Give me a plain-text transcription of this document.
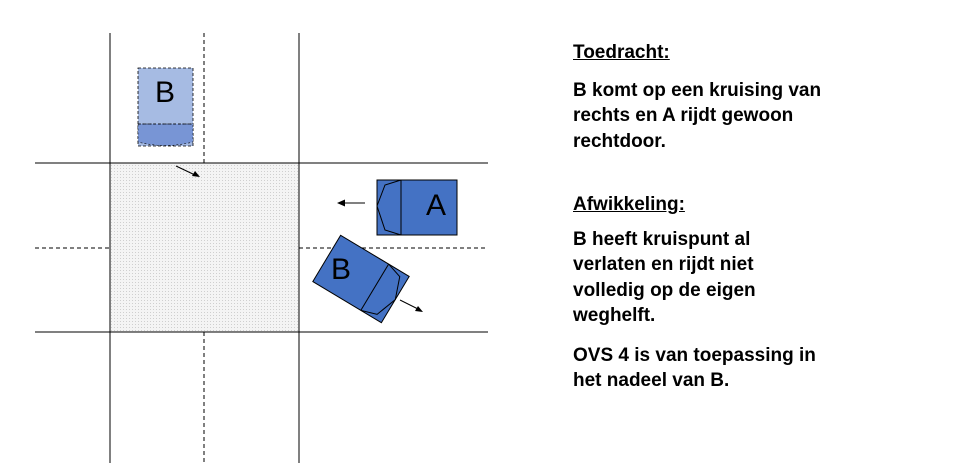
B
A
B
Toedracht:
B komt op een kruising van
rechts en A rijdt gewoon
rechtdoor.
Afwikkeling:
B heeft kruispunt al
verlaten en rijdt niet
volledig op de eigen
weghelft.
OVS 4 is van toepassing in
het nadeel van B.
